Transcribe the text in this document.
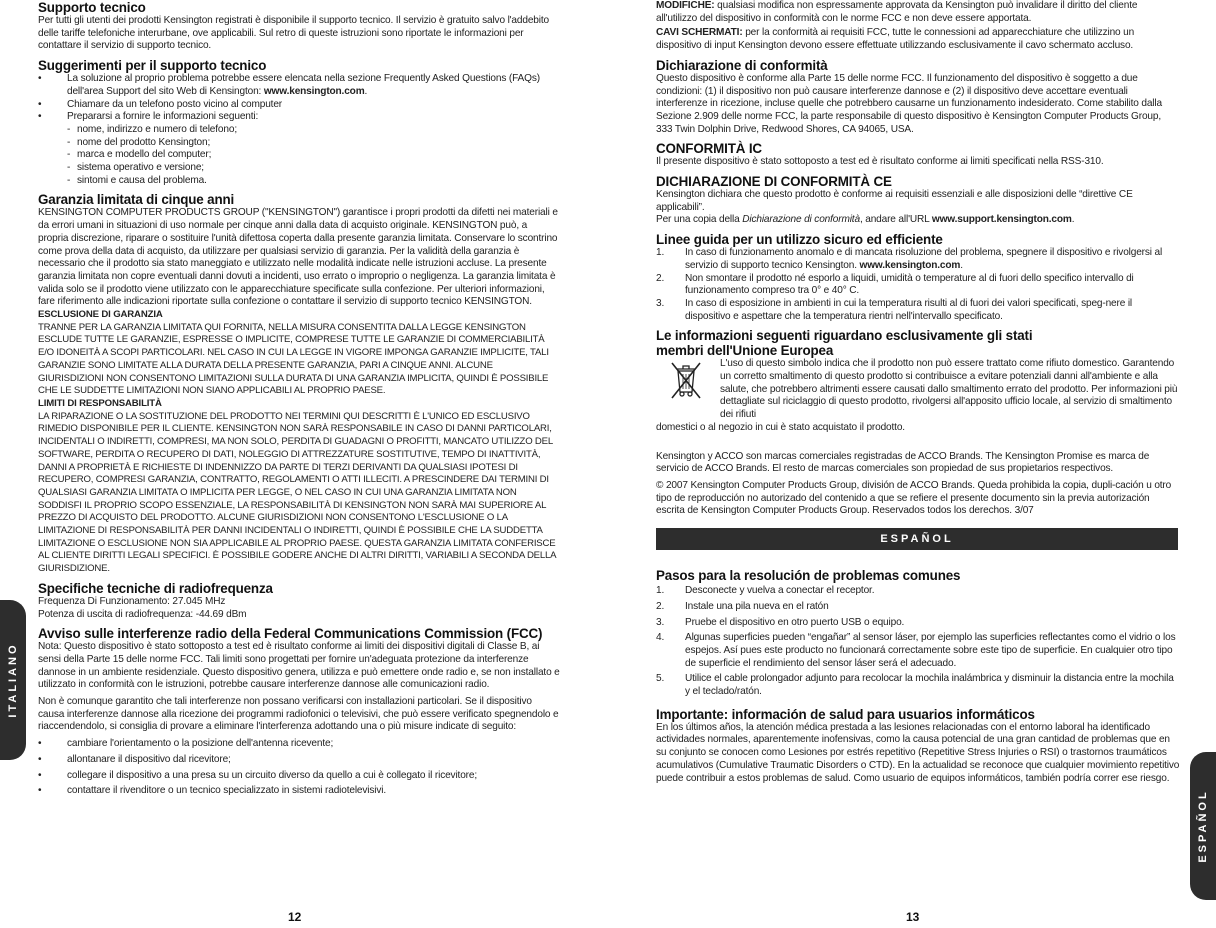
Supporto tecnico

Per tutti gli utenti dei prodotti Kensington registrati è disponibile il supporto tecnico. Il servizio è gratuito salvo l'addebito delle tariffe telefoniche interurbane, ove applicabili. Sul retro di queste istruzioni sono riportate le informazioni per contattare il servizio di supporto tecnico.

Suggerimenti per il supporto tecnico
• La soluzione al proprio problema potrebbe essere elencata nella sezione Frequently Asked Questions (FAQs) dell'area Support del sito Web di Kensington: www.kensington.com.
• Chiamare da un telefono posto vicino al computer
• Prepararsi a fornire le informazioni seguenti:
- nome, indirizzo e numero di telefono;
- nome del prodotto Kensington;
- marca e modello del computer;
- sistema operativo e versione;
- sintomi e causa del problema.
Garanzia limitata di cinque anni

KENSINGTON COMPUTER PRODUCTS GROUP ("KENSINGTON") garantisce i propri prodotti da difetti nei materiali e da errori umani in situazioni di uso normale per cinque anni dalla data di acquisto originale. KENSINGTON può, a propria discrezione, riparare o sostituire l'unità difettosa coperta dalla presente garanzia limitata. Conservare lo scontrino come prova della data di acquisto, da utilizzare per qualsiasi servizio di garanzia. Per la validità della garanzia è necessario che il prodotto sia stato maneggiato e utilizzato nelle modalità indicate nelle istruzioni accluse. La presente garanzia limitata non copre eventuali danni dovuti a incidenti, uso errato o improprio o negligenza. La garanzia limitata è valida solo se il prodotto viene utilizzato con le apparecchiature specificate sulla confezione. Per ulteriori informazioni, fare riferimento alle indicazioni riportate sulla confezione o contattare il servizio di supporto tecnico KENSINGTON.

ESCLUSIONE DI GARANZIA

TRANNE PER LA GARANZIA LIMITATA QUI FORNITA, NELLA MISURA CONSENTITA DALLA LEGGE KENSINGTON ESCLUDE TUTTE LE GARANZIE, ESPRESSE O IMPLICITE, COMPRESE TUTTE LE GARANZIE DI COMMERCIABILITÀ E/O IDONEITÀ A SCOPI PARTICOLARI. NEL CASO IN CUI LA LEGGE IN VIGORE IMPONGA GARANZIE IMPLICITE, TALI GARANZIE SONO LIMITATE ALLA DURATA DELLA PRESENTE GARANZIA, PARI A CINQUE ANNI. ALCUNE GIURISDIZIONI NON CONSENTONO LIMITAZIONI SULLA DURATA DI UNA GARANZIA IMPLICITA, QUINDI È POSSIBILE CHE LE SUDDETTE LIMITAZIONI NON SIANO APPLICABILI AL PROPRIO PAESE.

LIMITI DI RESPONSABILITÀ

LA RIPARAZIONE O LA SOSTITUZIONE DEL PRODOTTO NEI TERMINI QUI DESCRITTI È L'UNICO ED ESCLUSIVO RIMEDIO DISPONIBILE PER IL CLIENTE. KENSINGTON NON SARÀ RESPONSABILE IN CASO DI DANNI PARTICOLARI, INCIDENTALI O INDIRETTI, COMPRESI, MA NON SOLO, PERDITA DI GUADAGNI O PROFITTI, MANCATO UTILIZZO DEL SOFTWARE, PERDITA O RECUPERO DI DATI, NOLEGGIO DI ATTREZZATURE SOSTITUTIVE, TEMPO DI INATTIVITÀ, DANNI A PROPRIETÀ E RICHIESTE DI INDENNIZZO DA PARTE DI TERZI DERIVANTI DA QUALSIASI IPOTESI DI RECUPERO, COMPRESI GARANZIA, CONTRATTO, REGOLAMENTI O ATTI ILLECITI. A PRESCINDERE DAI TERMINI DI QUALSIASI GARANZIA LIMITATA O IMPLICITA PER LEGGE, O NEL CASO IN CUI UNA GARANZIA LIMITATA NON SODDISFI IL PROPRIO SCOPO ESSENZIALE, LA RESPONSABILITÀ DI KENSINGTON NON SARÀ MAI SUPERIORE AL PREZZO DI ACQUISTO DEL PRODOTTO. ALCUNE GIURISDIZIONI NON CONSENTONO L'ESCLUSIONE O LA LIMITAZIONE DI RESPONSABILITÀ PER DANNI INCIDENTALI O INDIRETTI, QUINDI È POSSIBILE CHE LA SUDDETTA LIMITAZIONE O ESCLUSIONE NON SIA APPLICABILE AL PROPRIO PAESE. QUESTA GARANZIA LIMITATA CONFERISCE AL CLIENTE DIRITTI LEGALI SPECIFICI. È POSSIBILE GODERE ANCHE DI ALTRI DIRITTI, VARIABILI A SECONDA DELLA GIURISDIZIONE.

Specifiche tecniche di radiofrequenza

Frequenza Di Funzionamento: 27.045 MHz

Potenza di uscita di radiofrequenza: -44.69 dBm

Avviso sulle interferenze radio della Federal Communications Commission (FCC)

Nota: Questo dispositivo è stato sottoposto a test ed è risultato conforme ai limiti dei dispositivi digitali di Classe B, ai sensi della Parte 15 delle norme FCC. Tali limiti sono progettati per fornire un'adeguata protezione da interferenze dannose in un ambiente residenziale. Questo dispositivo genera, utilizza e può emettere onde radio e, se non installato e utilizzato in conformità con le istruzioni, potrebbe causare interferenze dannose alle comunicazioni radio.

Non è comunque garantito che tali interferenze non possano verificarsi con installazioni particolari. Se il dispositivo causa interferenze dannose alla ricezione dei programmi radiofonici o televisivi, che può essere verificato spegnendolo e riaccendendolo, si consiglia di provare a eliminare l'interferenza adottando una o più misure indicate di seguito:

• cambiare l'orientamento o la posizione dell'antenna ricevente;
• allontanare il dispositivo dal ricevitore;
• collegare il dispositivo a una presa su un circuito diverso da quello a cui è collegato il ricevitore;
• contattare il rivenditore o un tecnico specializzato in sistemi radiotelevisivi.
12
ITALIANO

MODIFICHE: qualsiasi modifica non espressamente approvata da Kensington può invalidare il diritto del cliente all'utilizzo del dispositivo in conformità con le norme FCC e non deve essere apportata.

CAVI SCHERMATI: per la conformità ai requisiti FCC, tutte le connessioni ad apparecchiature che utilizzino un dispositivo di input Kensington devono essere effettuate utilizzando esclusivamente il cavo schermato accluso.

Dichiarazione di conformità

Questo dispositivo è conforme alla Parte 15 delle norme FCC. Il funzionamento del dispositivo è soggetto a due condizioni: (1) il dispositivo non può causare interferenze dannose e (2) il dispositivo deve accettare eventuali interferenze in ricezione, incluse quelle che potrebbero causarne un funzionamento indesiderato. Come stabilito dalla Sezione 2.909 delle norme FCC, la parte responsabile di questo dispositivo è Kensington Computer Products Group, 333 Twin Dolphin Drive, Redwood Shores, CA 94065, USA.

CONFORMITÀ IC

Il presente dispositivo è stato sottoposto a test ed è risultato conforme ai limiti specificati nella RSS-310.

DICHIARAZIONE DI CONFORMITÀ CE

Kensington dichiara che questo prodotto è conforme ai requisiti essenziali e alle disposizioni delle “direttive CE applicabili”.

Per una copia della Dichiarazione di conformità, andare all'URL www.support.kensington.com.

Linee guida per un utilizzo sicuro ed efficiente
1. In caso di funzionamento anomalo e di mancata risoluzione del problema, spegnere il dispositivo e rivolgersi al servizio di supporto tecnico Kensington. www.kensington.com.
2. Non smontare il prodotto né esporlo a liquidi, umidità o temperature al di fuori dello specifico intervallo di funzionamento compreso tra 0° e 40° C.
3. In caso di esposizione in ambienti in cui la temperatura risulti al di fuori dei valori specificati, speg-nere il dispositivo e aspettare che la temperatura rientri nell'intervallo specificato.
Le informazioni seguenti riguardano esclusivamente gli stati
membri dell'Unione Europea

L'uso di questo simbolo indica che il prodotto non può essere trattato come rifiuto domestico. Garantendo un corretto smaltimento di questo prodotto si contribuisce a evitare potenziali danni all'ambiente e alla salute, che potrebbero altrimenti essere causati dallo smaltimento errato del prodotto. Per informazioni più dettagliate sul riciclaggio di questo prodotto, rivolgersi all'apposito ufficio locale, al servizio di smaltimento dei rifiuti

domestici o al negozio in cui è stato acquistato il prodotto.

Kensington y ACCO son marcas comerciales registradas de ACCO Brands. The Kensington Promise es marca de servicio de ACCO Brands. El resto de marcas comerciales son propiedad de sus propietarios respectivos.

© 2007 Kensington Computer Products Group, división de ACCO Brands. Queda prohibida la copia, dupli-cación u otro tipo de reproducción no autorizado del contenido a que se refiere el presente documento sin la previa autorización escrita de Kensington Computer Products Group. Reservados todos los derechos. 3/07

ESPAÑOL
Pasos para la resolución de problemas comunes
1. Desconecte y vuelva a conectar el receptor.
2. Instale una pila nueva en el ratón
3. Pruebe el dispositivo en otro puerto USB o equipo.
4. Algunas superficies pueden “engañar” al sensor láser, por ejemplo las superficies reflectantes como el vidrio o los espejos. Así pues este producto no funcionará correctamente sobre este tipo de superficie. En cualquier otro tipo de superficie el rendimiento del sensor láser será el adecuado.
5. Utilice el cable prolongador adjunto para recolocar la mochila inalámbrica y disminuir la distancia entre la mochila y el teclado/ratón.
Importante: información de salud para usuarios informáticos

En los últimos años, la atención médica prestada a las lesiones relacionadas con el entorno laboral ha identificado actividades normales, aparentemente inofensivas, como la causa potencial de una gran cantidad de problemas que en su conjunto se conocen como Lesiones por estrés repetitivo (Repetitive Stress Injuries o RSI) o trastornos traumáticos acumulativos (Cumulative Traumatic Disorders o CTD). En la actualidad se reconoce que cualquier movimiento repetitivo puede contribuir a estos problemas de salud. Como usuario de equipos informáticos, también podría correr ese riesgo.

13
ESPAÑOL
